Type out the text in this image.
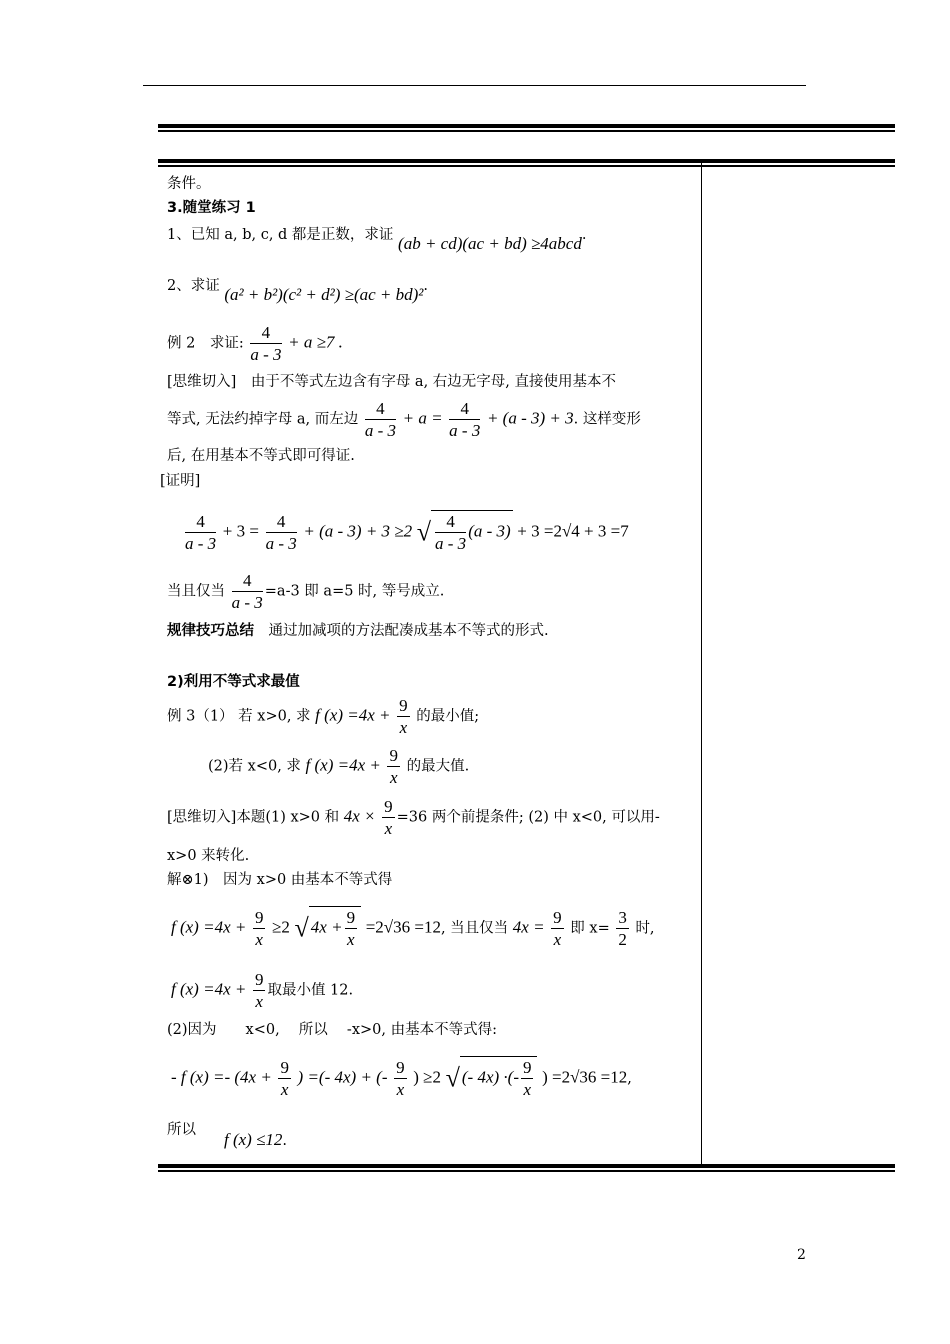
条件。
3.随堂练习 1
1、已知 a, b, c, d 都是正数，求证 (ab + cd)(ac + bd) ≥4abcd.
2、求证 (a² + b²)(c² + d²) ≥(ac + bd)².
例 2　求证: $\frac{4}{a - 3} + a \ge 7$ .
[思维切入]　由于不等式左边含有字母 a, 右边无字母, 直接使用基本不
等式, 无法约掉字母 a, 而左边 $\frac{4}{a - 3} + a = \frac{4}{a - 3} + (a - 3) + 3$. 这样变形
后, 在用基本不等式即可得证.
[证明]
$\frac{4}{a - 3} + 3 = \frac{4}{a - 3} + (a - 3) + 3 \ge 2$ √ $\frac{4}{a - 3} (a - 3) + 3 =2√4 + 3 =7$
当且仅当 $\frac{4}{a - 3} =a-3$ 即 a=5 时, 等号成立.
规律技巧总结　通过加减项的方法配凑成基本不等式的形式.
2)利用不等式求最值
例 3（1） 若 x>0, 求 f $(x) =4x + \frac{9}{x}$ 的最小值;
(2)若 x<0, 求 f $(x) =4x + \frac{9}{x}$ 的最大值.
[思维切入]本题(1) x>0 和 $4x \times \frac{9}{x} =36$ 两个前提条件; (2) 中 x<0, 可以用-
x>0 来转化.
解⊗1)　因为 x>0 由基本不等式得
f $(x) =4x + \frac{9}{x} \ge 2$ √ $4x + \frac{9}{x} =2√36 =12$, 当且仅当 $4x = \frac{9}{x}$ 即 $x= \frac{3}{2}$ 时,
f $(x) =4x + \frac{9}{x}$ 取最小值 12.
(2)因为　　x<0,　 所以　 -x>0, 由基本不等式得:
- f $(x) =- (4x + \frac{9}{x}$ ) =(- 4x) + (- $\frac{9}{x}$ ) ≥2 √ (- 4x) ·(- $\frac{9}{x}$ ) =2√36 =12,
所以 f (x) ≤12.
2
